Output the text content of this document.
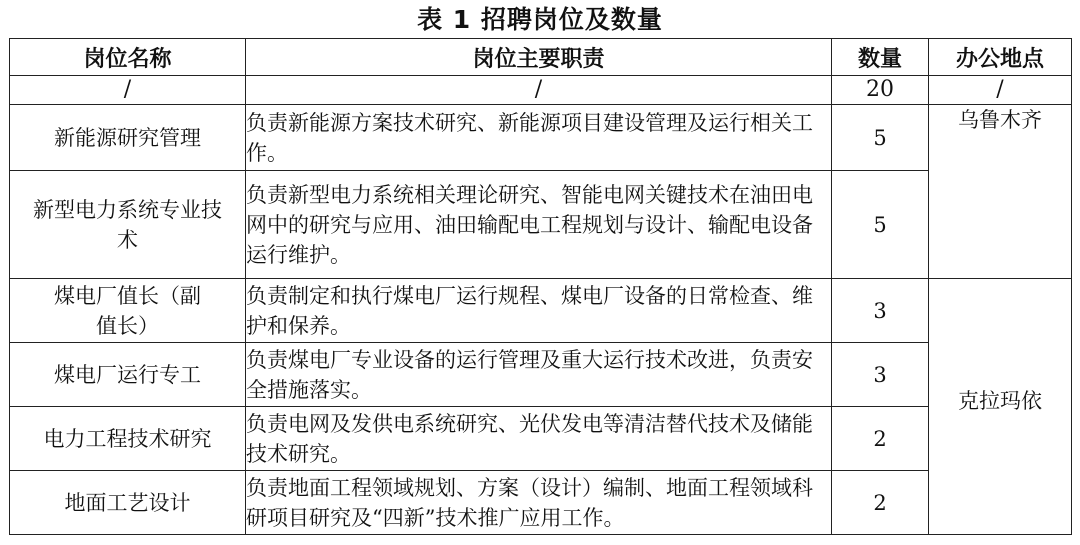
表 1 招聘岗位及数量
岗位名称	岗位主要职责	数量	办公地点
/	/	20	/
新能源研究管理	负责新能源方案技术研究、新能源项目建设管理及运行相关工作。	5	乌鲁木齐
新型电力系统专业技术	负责新型电力系统相关理论研究、智能电网关键技术在油田电网中的研究与应用、油田输配电工程规划与设计、输配电设备运行维护。	5	
煤电厂值长（副值长）	负责制定和执行煤电厂运行规程、煤电厂设备的日常检查、维护和保养。	3	克拉玛依
煤电厂运行专工	负责煤电厂专业设备的运行管理及重大运行技术改进，负责安全措施落实。	3	
电力工程技术研究	负责电网及发供电系统研究、光伏发电等清洁替代技术及储能技术研究。	2	
地面工艺设计	负责地面工程领域规划、方案（设计）编制、地面工程领域科研项目研究及“四新”技术推广应用工作。	2	
